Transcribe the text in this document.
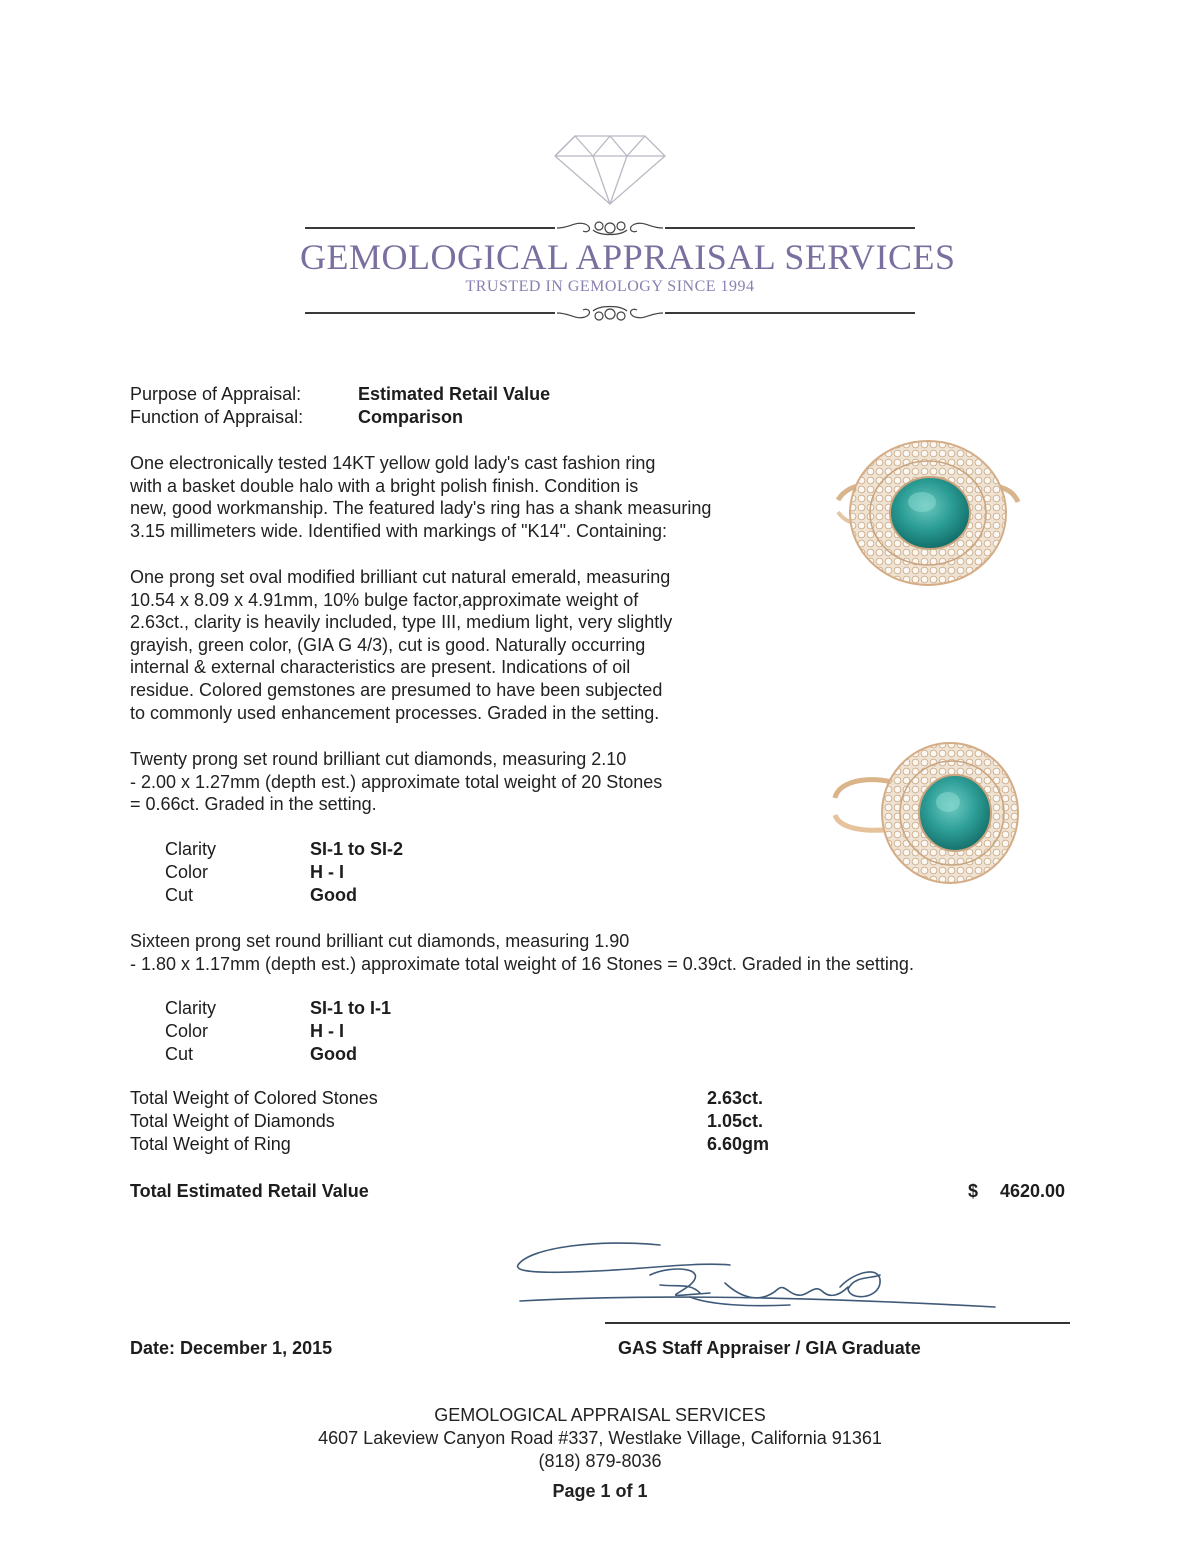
GEMOLOGICAL APPRAISAL SERVICES
TRUSTED IN GEMOLOGY SINCE 1994
Purpose of Appraisal:	Estimated Retail Value
Function of Appraisal:	Comparison
One electronically tested 14KT yellow gold lady's cast fashion ring
with a basket double halo with a bright polish finish. Condition is
new, good workmanship. The featured lady's ring has a shank measuring
3.15 millimeters wide. Identified with markings of "K14". Containing:
One prong set oval modified brilliant cut natural emerald, measuring
10.54 x 8.09 x 4.91mm, 10% bulge factor,approximate weight of
2.63ct., clarity is heavily included, type III, medium light, very slightly
grayish, green color, (GIA G 4/3), cut is good. Naturally occurring
internal & external characteristics are present. Indications of oil
residue. Colored gemstones are presumed to have been subjected
to commonly used enhancement processes. Graded in the setting.
Twenty prong set round brilliant cut diamonds, measuring 2.10
- 2.00 x 1.27mm (depth est.) approximate total weight of 20 Stones
= 0.66ct. Graded in the setting.
Clarity	SI-1 to SI-2
Color	H - I
Cut	Good
Sixteen prong set round brilliant cut diamonds, measuring 1.90
- 1.80 x 1.17mm (depth est.) approximate total weight of 16 Stones = 0.39ct. Graded in the setting.
Clarity	SI-1 to I-1
Color	H - I
Cut	Good
Total Weight of Colored Stones	2.63ct.
Total Weight of Diamonds	1.05ct.
Total Weight of Ring	6.60gm
Total Estimated Retail Value	$ 4620.00
Date: December 1, 2015	GAS Staff Appraiser / GIA Graduate
GEMOLOGICAL APPRAISAL SERVICES
4607 Lakeview Canyon Road #337, Westlake Village, California 91361
(818) 879-8036
Page 1 of 1
